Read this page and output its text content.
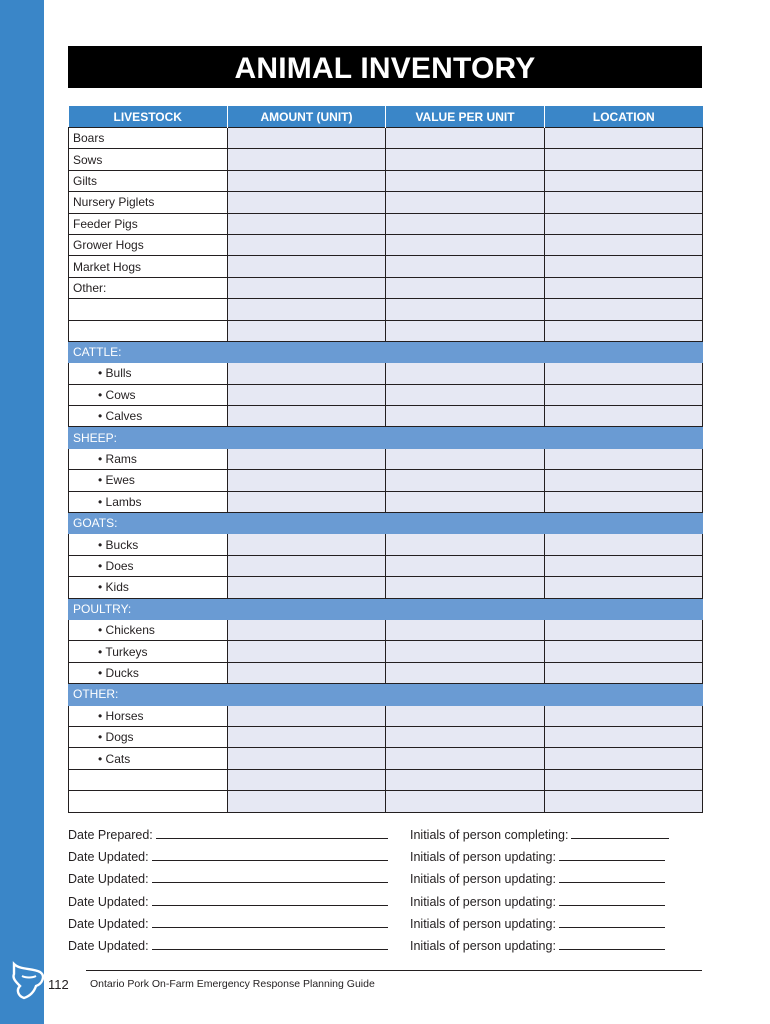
ANIMAL INVENTORY
LIVESTOCK	AMOUNT (UNIT)	VALUE PER UNIT	LOCATION
Boars			
Sows			
Gilts			
Nursery Piglets			
Feeder Pigs			
Grower Hogs			
Market Hogs			
Other:			

CATTLE:			
• Bulls			
• Cows			
• Calves			
SHEEP:			
• Rams			
• Ewes			
• Lambs			
GOATS:			
• Bucks			
• Does			
• Kids			
POULTRY:			
• Chickens			
• Turkeys			
• Ducks			
OTHER:			
• Horses			
• Dogs			
• Cats			

Date Prepared:	Initials of person completing:
Date Updated:	Initials of person updating:
Date Updated:	Initials of person updating:
Date Updated:	Initials of person updating:
Date Updated:	Initials of person updating:
Date Updated:	Initials of person updating:
112 Ontario Pork On-Farm Emergency Response Planning Guide
